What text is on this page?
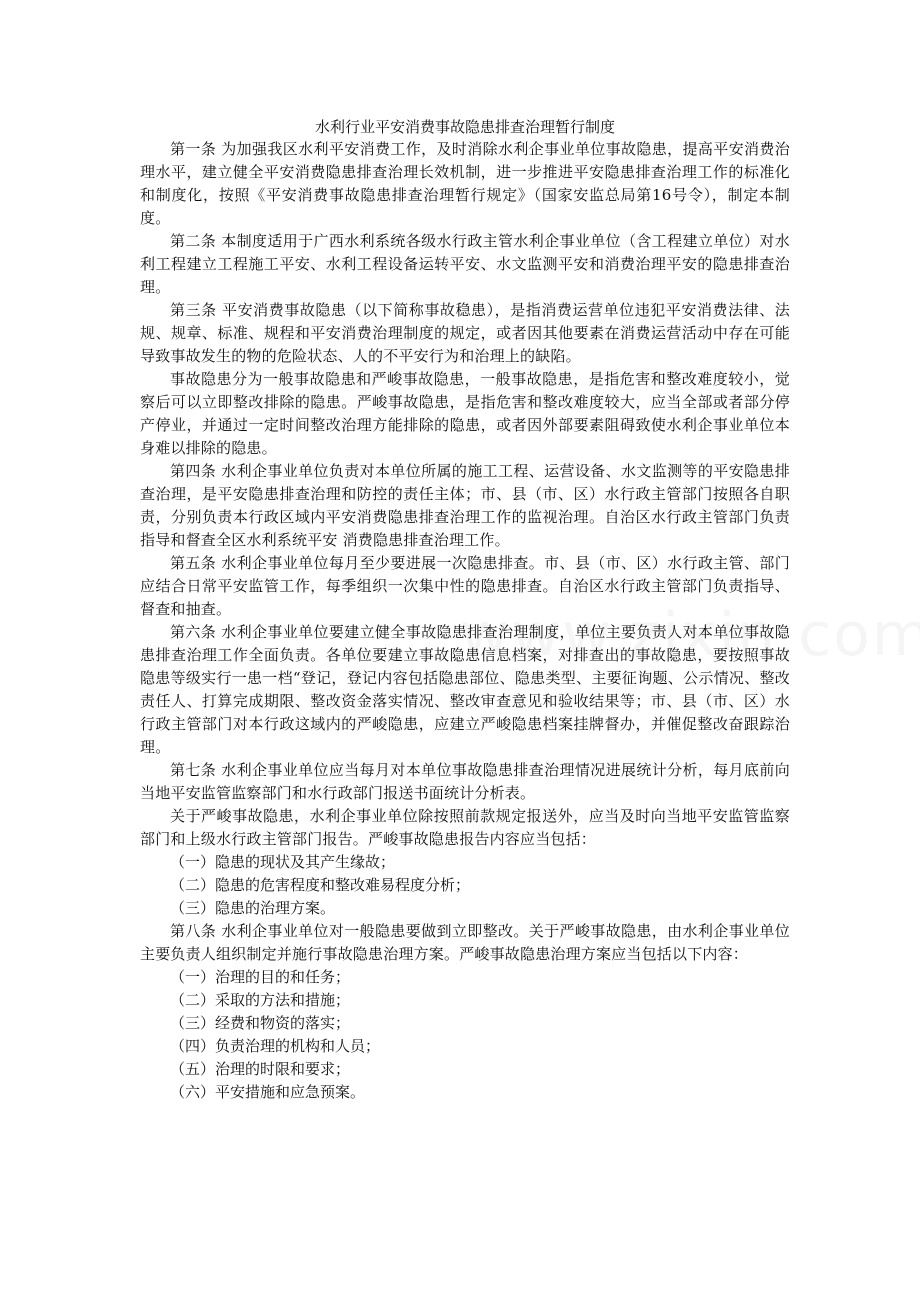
水利行业平安消费事故隐患排查治理暂行制度

第一条 为加强我区水利平安消费工作，及时消除水利企事业单位事故隐患，提高平安消费治理水平，建立健全平安消费隐患排查治理长效机制，进一步推进平安隐患排查治理工作的标准化和制度化，按照《平安消费事故隐患排查治理暂行规定》（国家安监总局第16号令），制定本制度。

第二条 本制度适用于广西水利系统各级水行政主管水利企事业单位（含工程建立单位）对水利工程建立工程施工平安、水利工程设备运转平安、水文监测平安和消费治理平安的隐患排查治理。

第三条 平安消费事故隐患（以下简称事故稳患），是指消费运营单位违犯平安消费法律、法规、规章、标准、规程和平安消费治理制度的规定，或者因其他要素在消费运营活动中存在可能导致事故发生的物的危险状态、人的不平安行为和治理上的缺陷。

事故隐患分为一般事故隐患和严峻事故隐患，一般事故隐患，是指危害和整改难度较小，觉察后可以立即整改排除的隐患。严峻事故隐患，是指危害和整改难度较大，应当全部或者部分停产停业，并通过一定时间整改治理方能排除的隐患，或者因外部要素阻碍致使水利企事业单位本身难以排除的隐患。

第四条 水利企事业单位负责对本单位所属的施工工程、运营设备、水文监测等的平安隐患排查治理，是平安隐患排查治理和防控的责任主体；市、县（市、区）水行政主管部门按照各自职责，分别负责本行政区域内平安消费隐患排查治理工作的监视治理。自治区水行政主管部门负责指导和督查全区水利系统平安 消费隐患排查治理工作。

第五条 水利企事业单位每月至少要进展一次隐患排查。市、县（市、区）水行政主管、部门应结合日常平安监管工作，每季组织一次集中性的隐患排查。自治区水行政主管部门负责指导、督查和抽查。

第六条 水利企事业单位要建立健全事故隐患排查治理制度，单位主要负责人对本单位事故隐患排查治理工作全面负责。各单位要建立事故隐患信息档案，对排查出的事故隐患，要按照事故隐患等级实行一患一档“登记，登记内容包括隐患部位、隐患类型、主要征询题、公示情况、整改责任人、打算完成期限、整改资金落实情况、整改审查意见和验收结果等；市、县（市、区）水行政主管部门对本行政这域内的严峻隐患，应建立严峻隐患档案挂牌督办，并催促整改奋跟踪治理。

第七条 水利企事业单位应当每月对本单位事故隐患排查治理情况进展统计分析，每月底前向当地平安监管监察部门和水行政部门报送书面统计分析表。

关于严峻事故隐患，水利企事业单位除按照前款规定报送外，应当及时向当地平安监管监察部门和上级水行政主管部门报告。严峻事故隐患报告内容应当包括：

（一）隐患的现状及其产生缘故；

（二）隐患的危害程度和整改难易程度分析；

（三）隐患的治理方案。

第八条 水利企事业单位对一般隐患要做到立即整改。关于严峻事故隐患，由水利企事业单位主要负责人组织制定并施行事故隐患治理方案。严峻事故隐患治理方案应当包括以下内容：

（一）治理的目的和任务；

（二）采取的方法和措施；

（三）经费和物资的落实；

（四）负责治理的机构和人员；

（五）治理的时限和要求；

（六）平安措施和应急预案。
